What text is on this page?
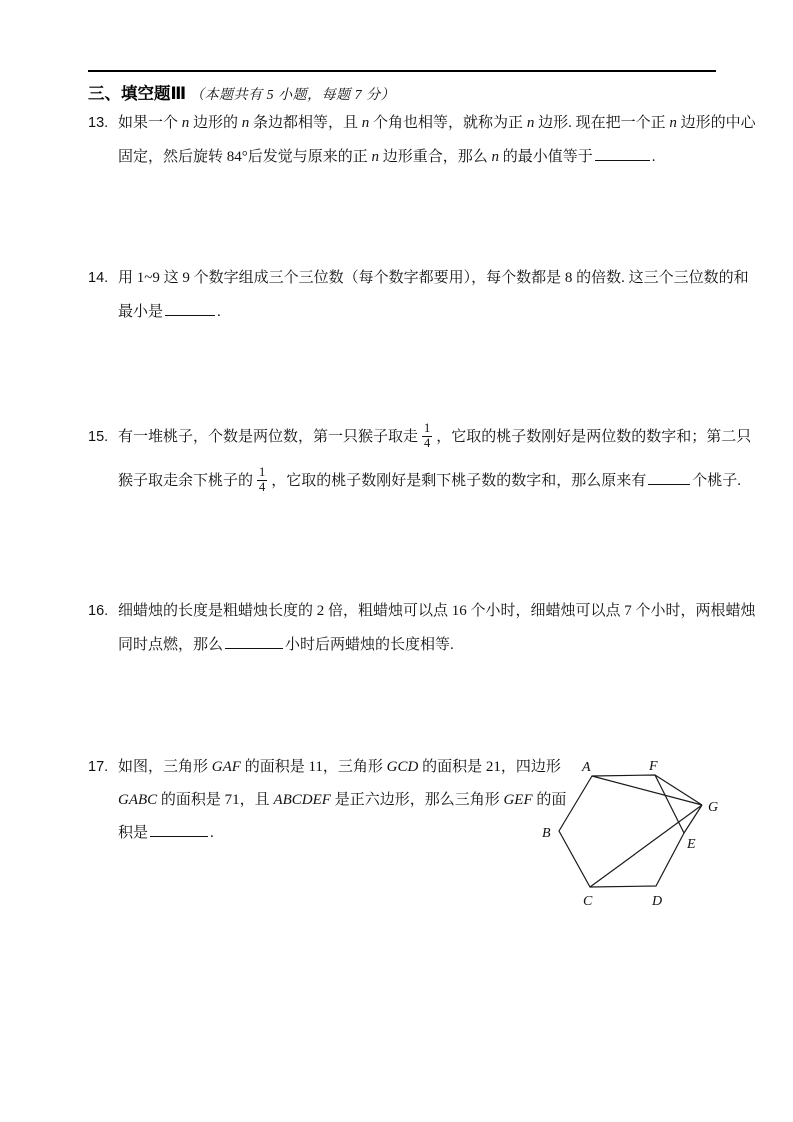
三、填空题Ⅲ （本题共有 5 小题，每题 7 分）
13. 如果一个 n 边形的 n 条边都相等，且 n 个角也相等，就称为正 n 边形. 现在把一个正 n 边形的中心
固定，然后旋转 84°后发觉与原来的正 n 边形重合，那么 n 的最小值等于	.
14. 用 1~9 这 9 个数字组成三个三位数（每个数字都要用），每个数都是 8 的倍数. 这三个三位数的和
最小是	.
15. 有一堆桃子，个数是两位数，第一只猴子取走 $\frac{1}{4}$ ，它取的桃子数刚好是两位数的数字和；第二只
猴子取走余下桃子的 $\frac{1}{4}$ ，它取的桃子数刚好是剩下桃子数的数字和，那么原来有	个桃子.
16. 细蜡烛的长度是粗蜡烛长度的 2 倍，粗蜡烛可以点 16 个小时，细蜡烛可以点 7 个小时，两根蜡烛
同时点燃，那么	小时后两蜡烛的长度相等.
17. 如图，三角形 GAF 的面积是 11，三角形 GCD 的面积是 21，四边形
GABC 的面积是 71，且 ABCDEF 是正六边形，那么三角形 GEF 的面
积是	.
A
B
C	D
E
F
G
